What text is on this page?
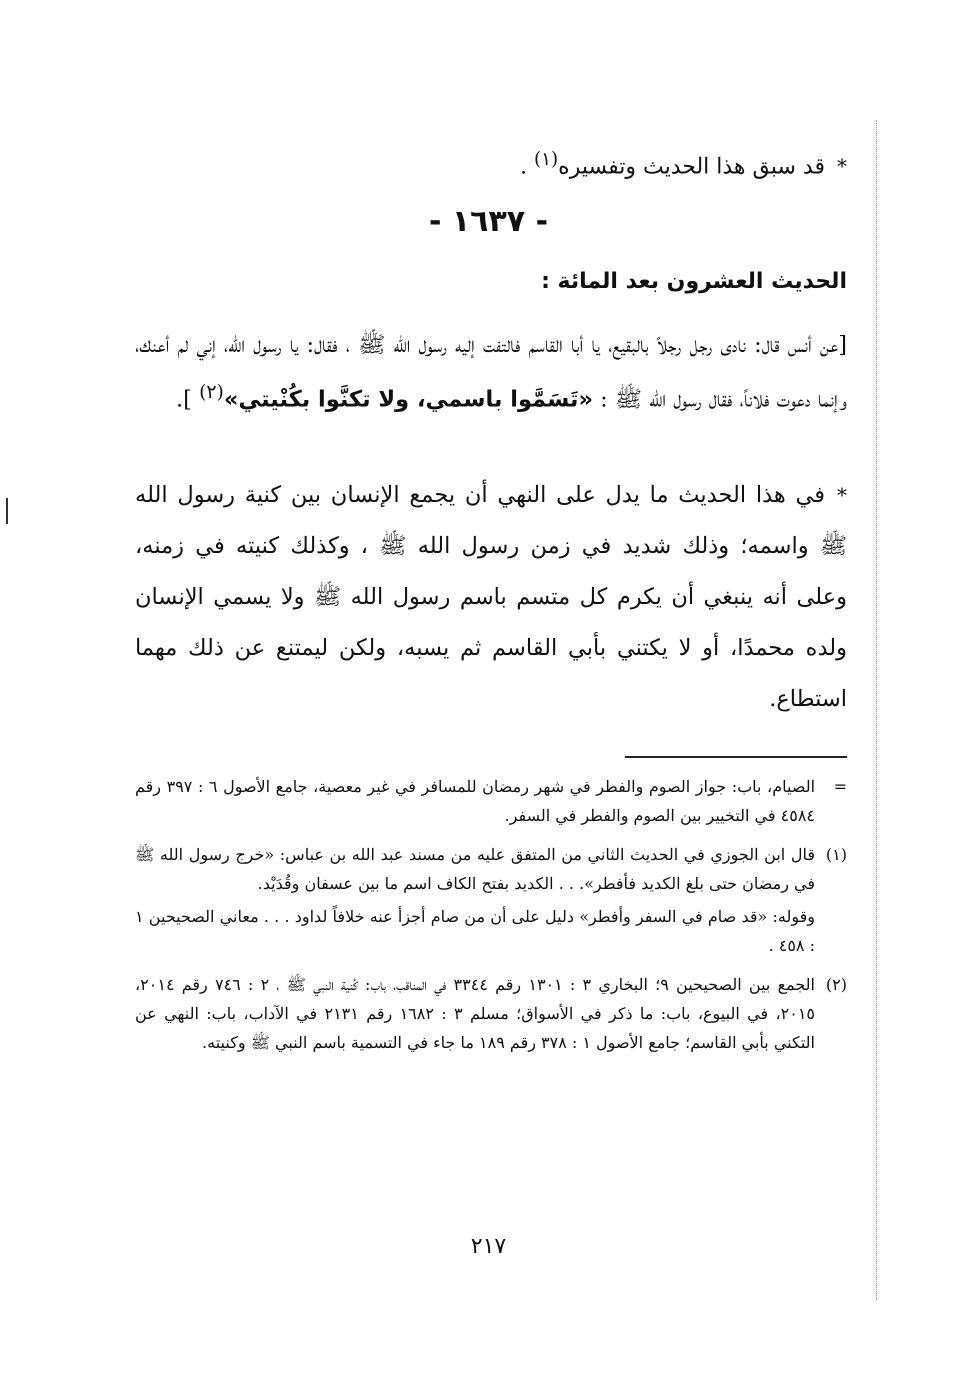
*قد سبق هذا الحديث وتفسيره$^{(١)}$ .
- ١٦٣٧ -
الحديث العشرون بعد المائة :
[عن أنس قال: نادى رجل رجلاً بالبقيع، يا أبا القاسم فالتفت إليه رسول الله ﷺ ، فقال: يا رسول الله، إني لم أعنك، وإنما دعوت فلاناً، فقال رسول الله ﷺ : «تَسَمَّوا باسمي، ولا تكنَّوا بكُنْيتي»$^{(٢)}$ ].
*في هذا الحديث ما يدل على النهي أن يجمع الإنسان بين كنية رسول الله ﷺ واسمه؛ وذلك شديد في زمن رسول الله ﷺ ، وكذلك كنيته في زمنه، وعلى أنه ينبغي أن يكرم كل متسم باسم رسول الله ﷺ ولا يسمي الإنسان ولده محمدًا، أو لا يكتني بأبي القاسم ثم يسبه، ولكن ليمتنع عن ذلك مهما استطاع.
=

الصيام، باب: جواز الصوم والفطر في شهر رمضان للمسافر في غير معصية، جامع الأصول ٦ : ٣٩٧ رقم ٤٥٨٤ في التخيير بين الصوم والفطر في السفر.

(١)

قال ابن الجوزي في الحديث الثاني من المتفق عليه من مسند عبد الله بن عباس: «خرج رسول الله ﷺ في رمضان حتى بلغ الكديد فأفطر». . . الكديد بفتح الكاف اسم ما بين عسفان وقُدَيْد.

وقوله: «قد صام في السفر وأفطر» دليل على أن من صام أجزأ عنه خلافاً لداود . . . معاني الصحيحين ١ : ٤٥٨ .

(٢)

الجمع بين الصحيحين ٩؛ البخاري ٣ : ١٣٠١ رقم ٣٣٤٤ في المناقب، باب: كُنية النبي ﷺ ، ٢ : ٧٤٦ رقم ٢٠١٤، ٢٠١٥، في البيوع، باب: ما ذكر في الأسواق؛ مسلم ٣ : ١٦٨٢ رقم ٢١٣١ في الآداب، باب: النهي عن التكني بأبي القاسم؛ جامع الأصول ١ : ٣٧٨ رقم ١٨٩ ما جاء في التسمية باسم النبي ﷺ وكنيته.

٢١٧
